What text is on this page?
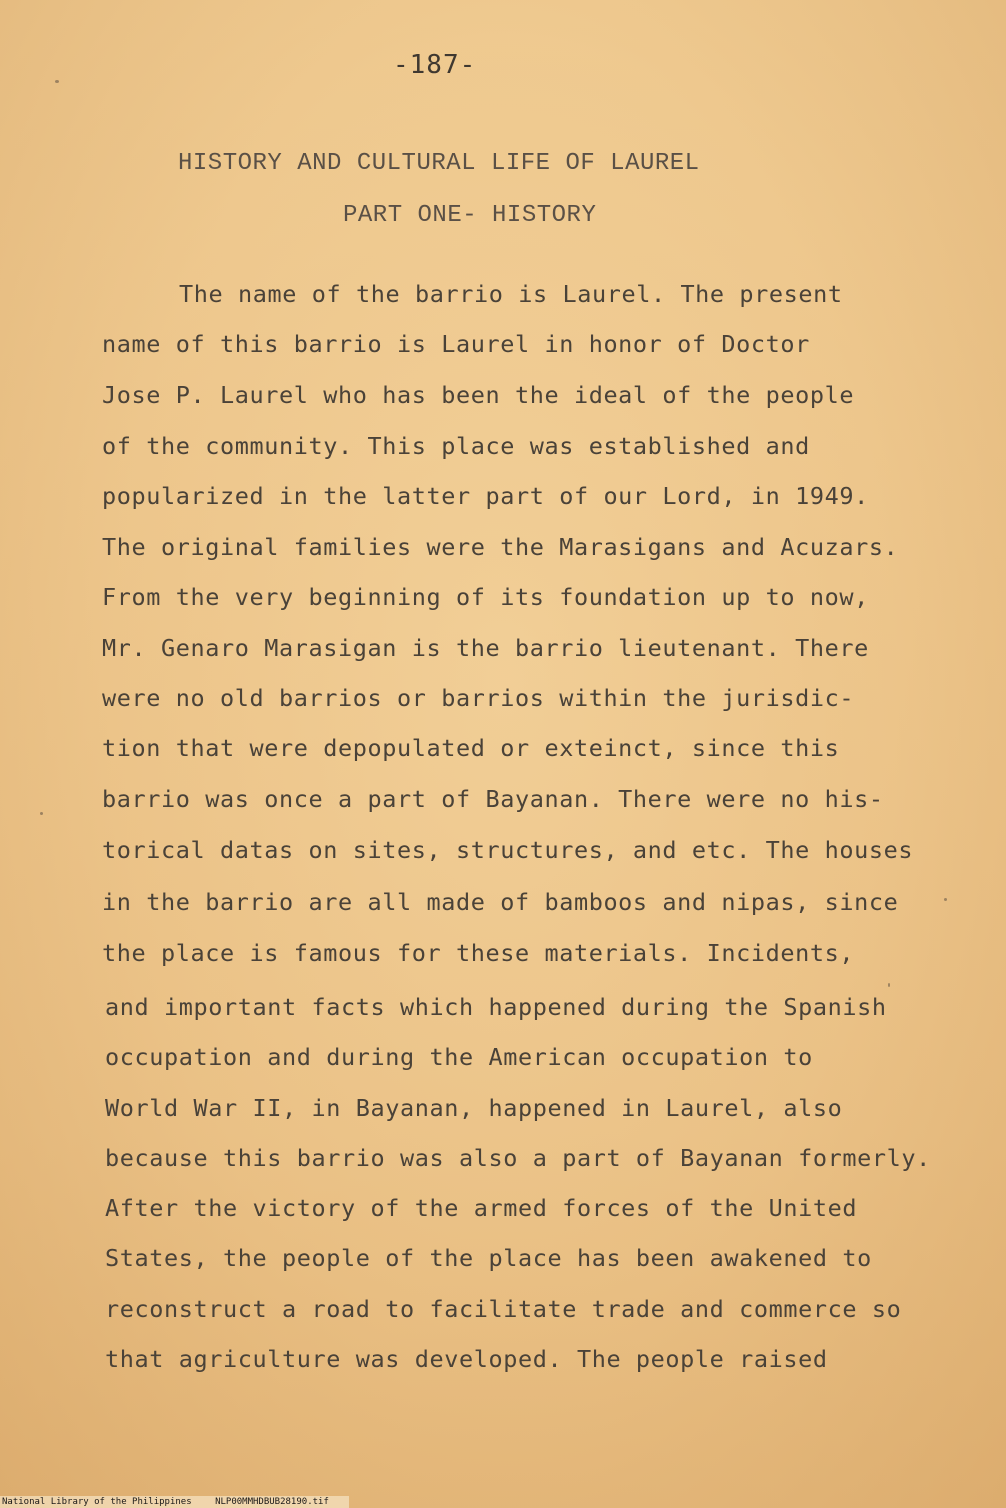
-187-
HISTORY AND CULTURAL LIFE OF LAUREL
PART ONE- HISTORY
The name of the barrio is Laurel. The present
name of this barrio is Laurel in honor of Doctor
Jose P. Laurel who has been the ideal of the people
of the community. This place was established and
popularized in the latter part of our Lord, in 1949.
The original families were the Marasigans and Acuzars.
From the very beginning of its foundation up to now,
Mr. Genaro Marasigan is the barrio lieutenant. There
were no old barrios or barrios within the jurisdic-
tion that were depopulated or exteinct, since this
barrio was once a part of Bayanan. There were no his-
torical datas on sites, structures, and etc. The houses
in the barrio are all made of bamboos and nipas, since
the place is famous for these materials. Incidents,
and important facts which happened during the Spanish
occupation and during the American occupation to
World War II, in Bayanan, happened in Laurel, also
because this barrio was also a part of Bayanan formerly.
After the victory of the armed forces of the United
States, the people of the place has been awakened to
reconstruct a road to facilitate trade and commerce so
that agriculture was developed. The people raised
National Library of the Philippines	NLP00MMHDBUB28190.tif
